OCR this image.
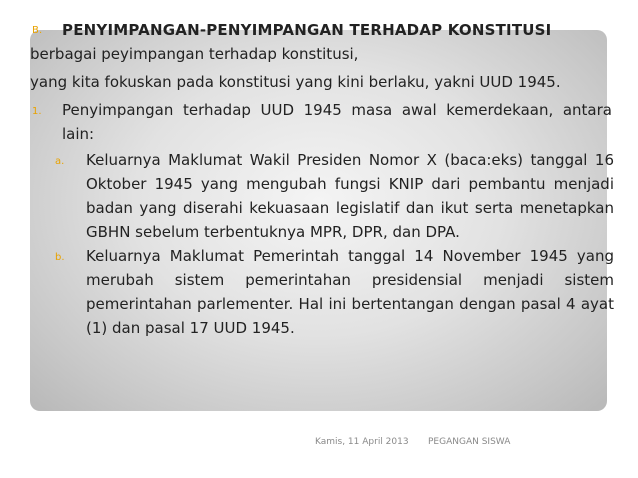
B. PENYIMPANGAN-PENYIMPANGAN TERHADAP KONSTITUSI
berbagai peyimpangan terhadap konstitusi,
yang kita fokuskan pada konstitusi yang kini berlaku, yakni UUD 1945.
1. Penyimpangan terhadap UUD 1945 masa awal kemerdekaan, antara lain:
a. Keluarnya Maklumat Wakil Presiden Nomor X (baca:eks) tanggal 16 Oktober 1945 yang mengubah fungsi KNIP dari pembantu menjadi badan yang diserahi kekuasaan legislatif dan ikut serta menetapkan GBHN sebelum terbentuknya MPR, DPR, dan DPA.
b. Keluarnya Maklumat Pemerintah tanggal 14 November 1945 yang merubah sistem pemerintahan presidensial menjadi sistem pemerintahan parlementer. Hal ini bertentangan dengan pasal 4 ayat (1) dan pasal 17 UUD 1945.
Kamis, 11 April 2013 PEGANGAN SISWA
